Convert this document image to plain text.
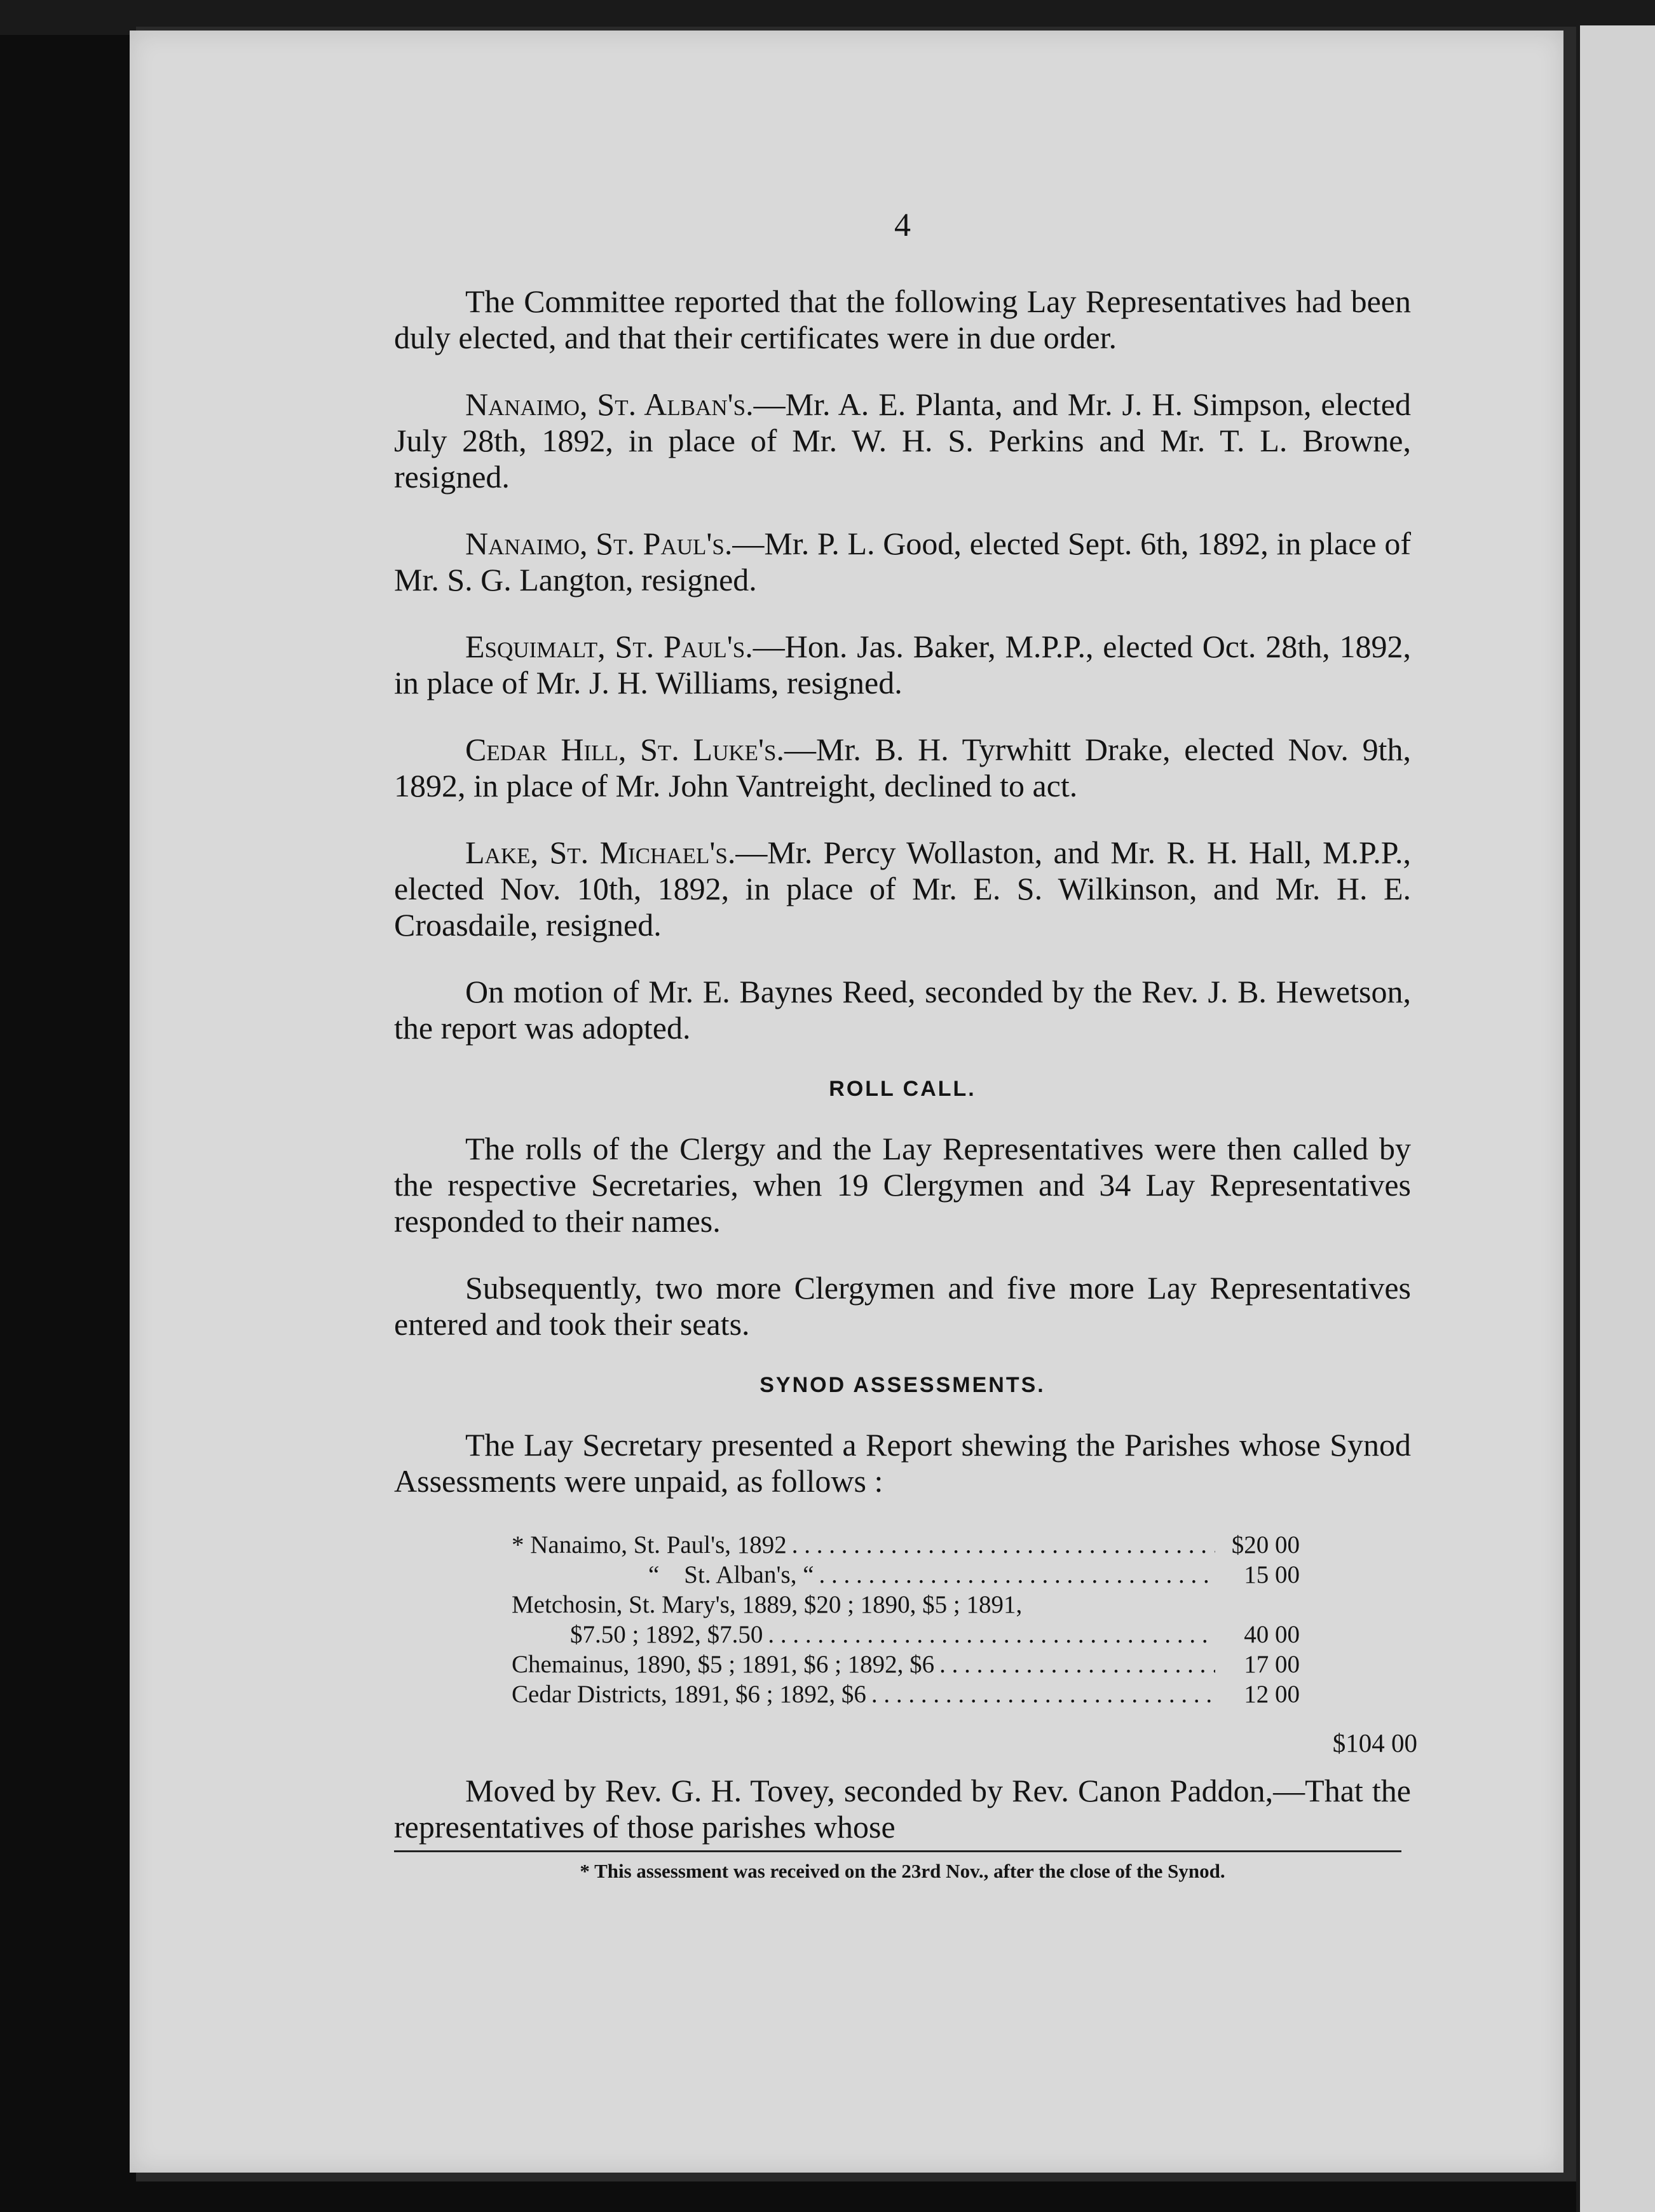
4

The Committee reported that the following Lay Representatives had been duly elected, and that their certificates were in due order.

Nanaimo, St. Alban's.—Mr. A. E. Planta, and Mr. J. H. Simpson, elected July 28th, 1892, in place of Mr. W. H. S. Perkins and Mr. T. L. Browne, resigned.

Nanaimo, St. Paul's.—Mr. P. L. Good, elected Sept. 6th, 1892, in place of Mr. S. G. Langton, resigned.

Esquimalt, St. Paul's.—Hon. Jas. Baker, M.P.P., elected Oct. 28th, 1892, in place of Mr. J. H. Williams, resigned.

Cedar Hill, St. Luke's.—Mr. B. H. Tyrwhitt Drake, elected Nov. 9th, 1892, in place of Mr. John Vantreight, declined to act.

Lake, St. Michael's.—Mr. Percy Wollaston, and Mr. R. H. Hall, M.P.P., elected Nov. 10th, 1892, in place of Mr. E. S. Wilkinson, and Mr. H. E. Croasdaile, resigned.

On motion of Mr. E. Baynes Reed, seconded by the Rev. J. B. Hewetson, the report was adopted.

ROLL CALL.

The rolls of the Clergy and the Lay Representatives were then called by the respective Secretaries, when 19 Clergymen and 34 Lay Representatives responded to their names.

Subsequently, two more Clergymen and five more Lay Representatives entered and took their seats.

SYNOD ASSESSMENTS.

The Lay Secretary presented a Report shewing the Parishes whose Synod Assessments were unpaid, as follows :

* Nanaimo, St. Paul's, 1892 . . .	$20 00
“    St. Alban's, “ . . .	15 00
Metchosin, St. Mary's, 1889, $20 ; 1890, $5 ; 1891,
$7.50 ; 1892, $7.50 . . .	40 00
Chemainus, 1890, $5 ; 1891, $6 ; 1892, $6 . . .	17 00
Cedar Districts, 1891, $6 ; 1892, $6 . . .	12 00
$104 00

Moved by Rev. G. H. Tovey, seconded by Rev. Canon Paddon,—That the representatives of those parishes whose

* This assessment was received on the 23rd Nov., after the close of the Synod.
